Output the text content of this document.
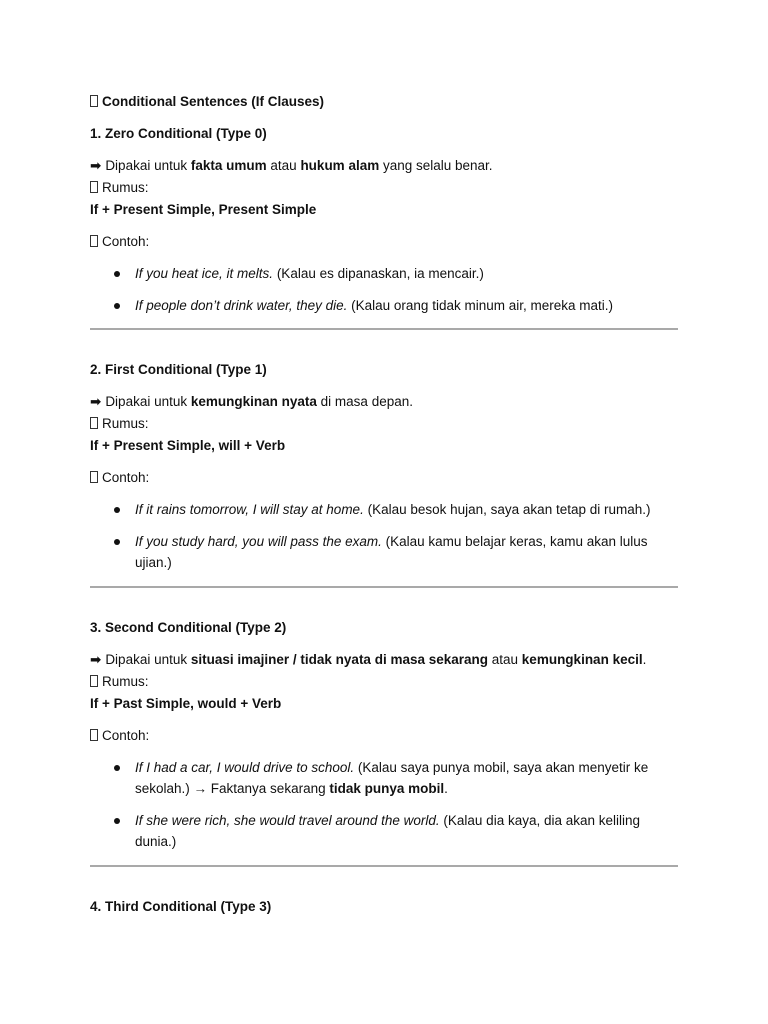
Conditional Sentences (If Clauses)
1. Zero Conditional (Type 0)
➡ Dipakai untuk fakta umum atau hukum alam yang selalu benar.
Rumus:
If + Present Simple, Present Simple
Contoh:
If you heat ice, it melts. (Kalau es dipanaskan, ia mencair.)
If people don’t drink water, they die. (Kalau orang tidak minum air, mereka mati.)
2. First Conditional (Type 1)
➡ Dipakai untuk kemungkinan nyata di masa depan.
Rumus:
If + Present Simple, will + Verb
Contoh:
If it rains tomorrow, I will stay at home. (Kalau besok hujan, saya akan tetap di rumah.)
If you study hard, you will pass the exam. (Kalau kamu belajar keras, kamu akan lulus ujian.)
3. Second Conditional (Type 2)
➡ Dipakai untuk situasi imajiner / tidak nyata di masa sekarang atau kemungkinan kecil.
Rumus:
If + Past Simple, would + Verb
Contoh:
If I had a car, I would drive to school. (Kalau saya punya mobil, saya akan menyetir ke sekolah.) → Faktanya sekarang tidak punya mobil.
If she were rich, she would travel around the world. (Kalau dia kaya, dia akan keliling dunia.)
4. Third Conditional (Type 3)
